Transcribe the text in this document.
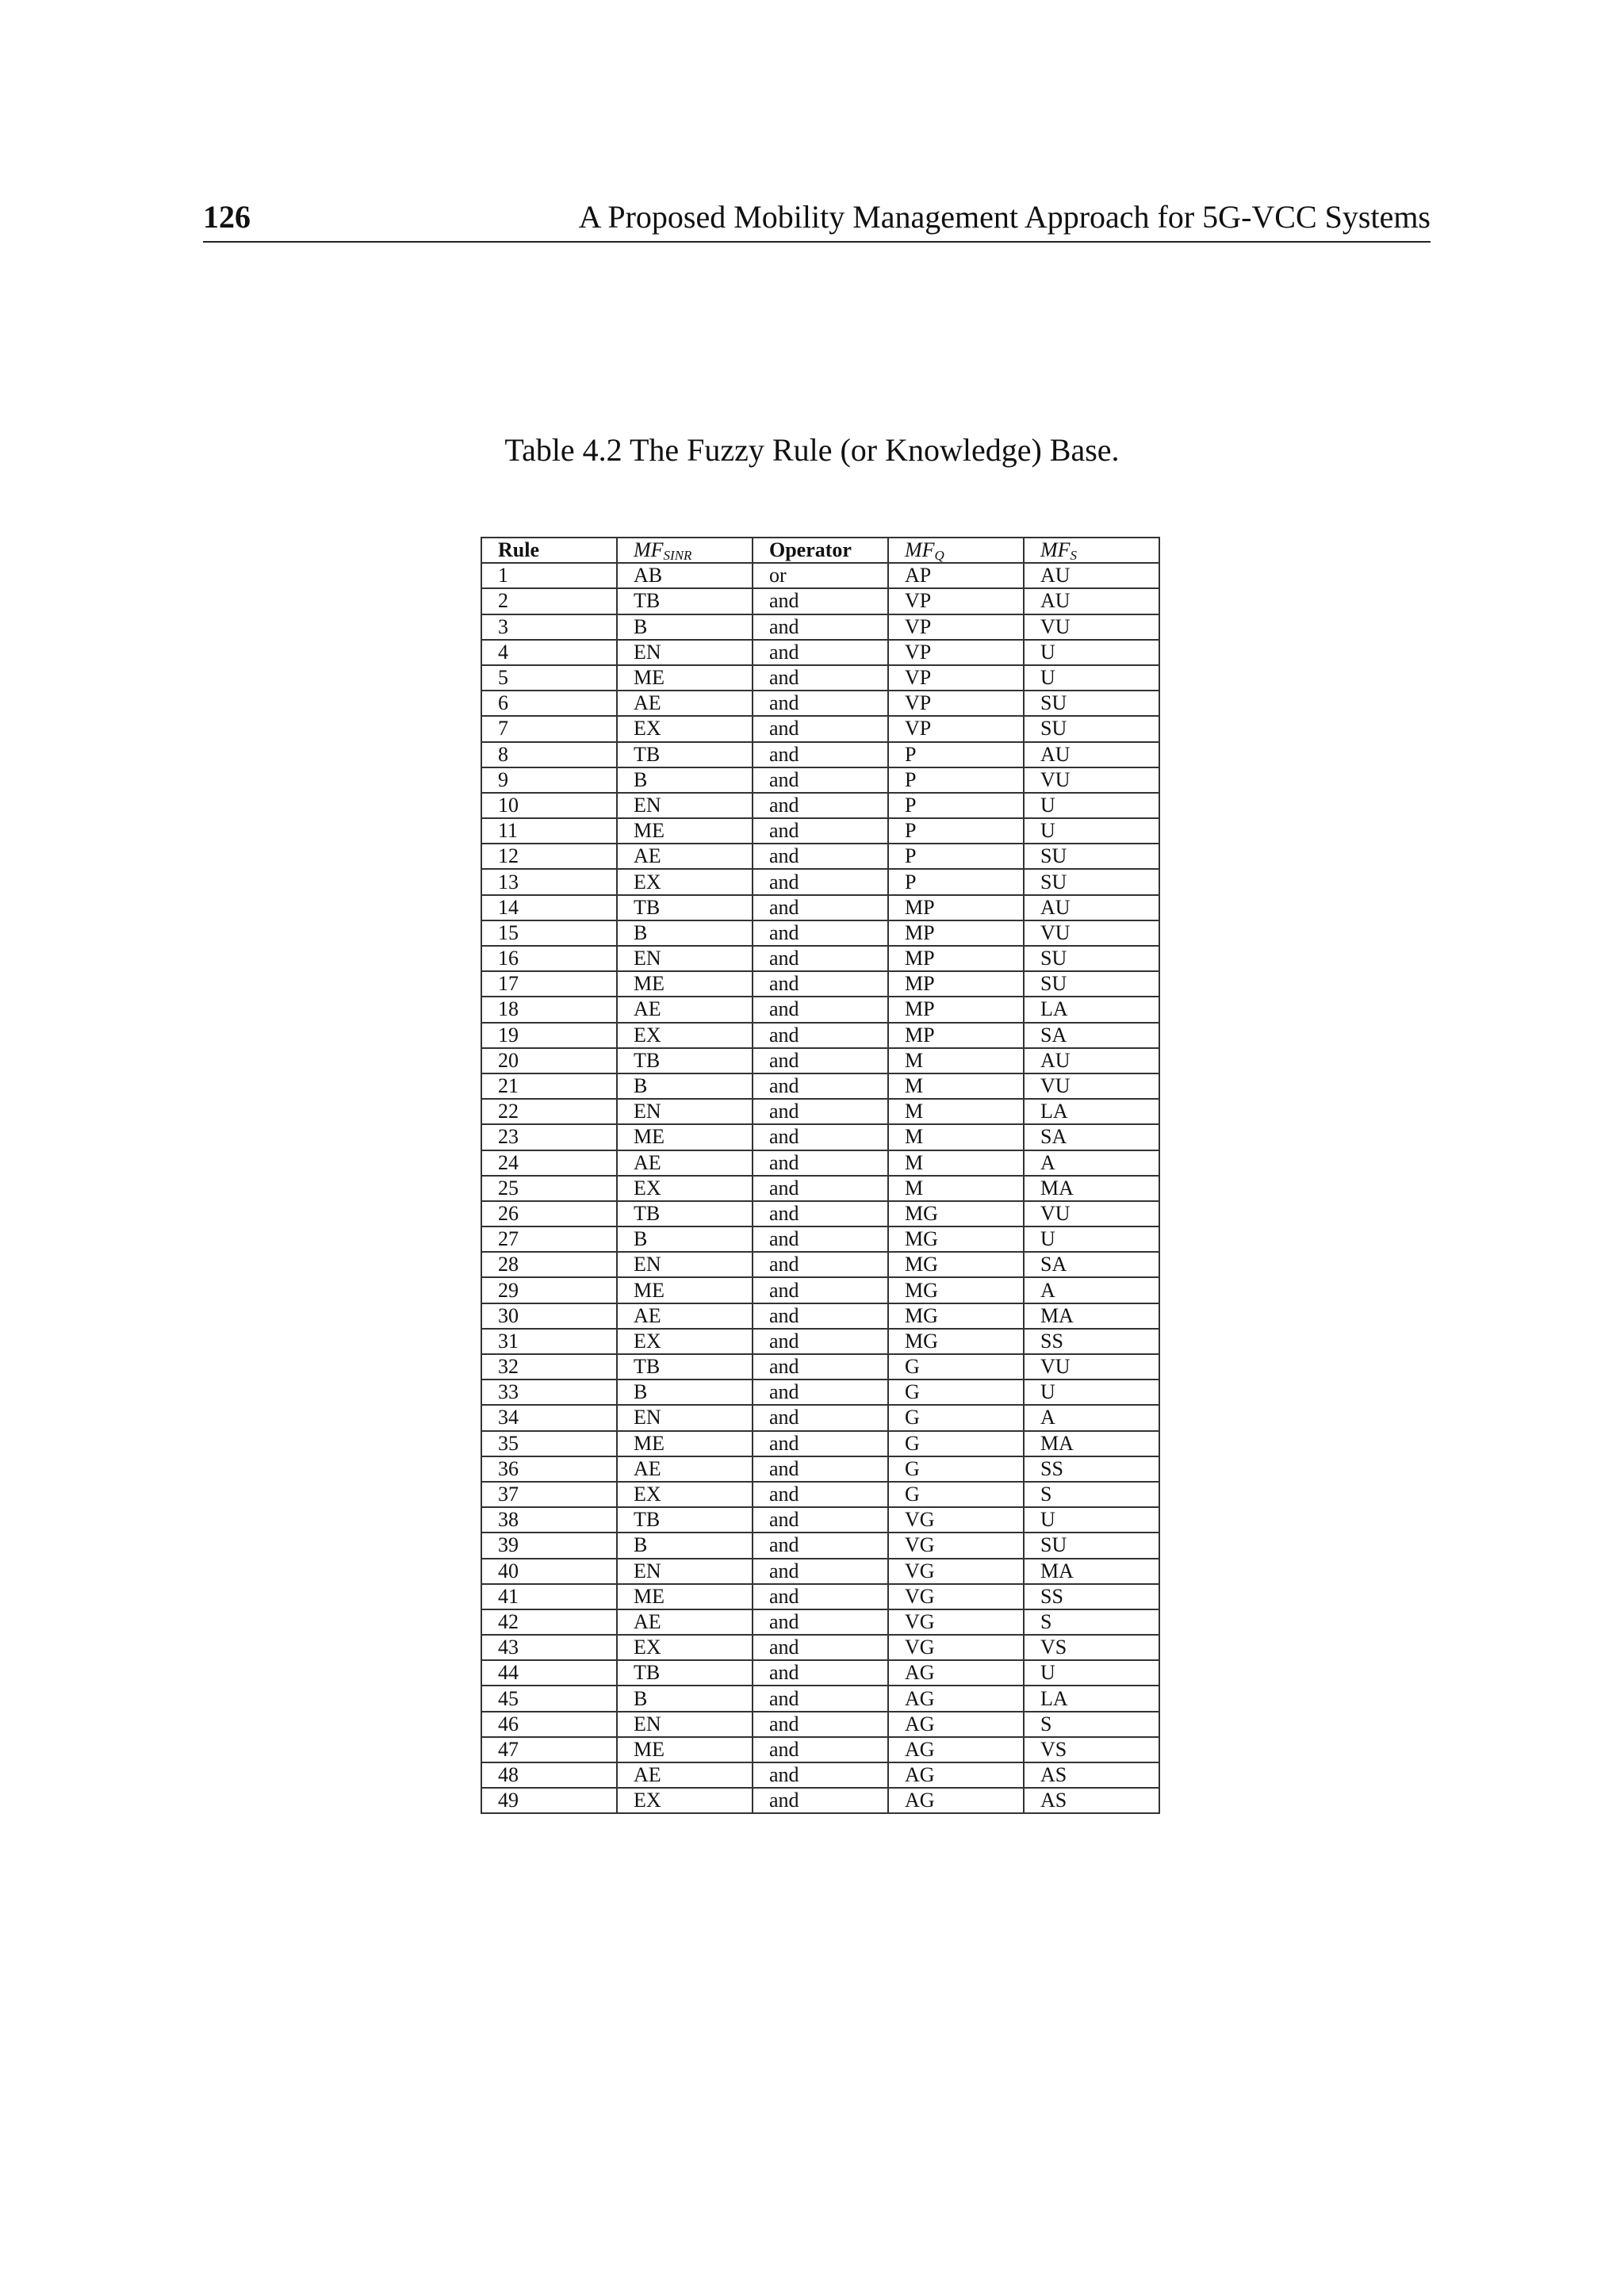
126	A Proposed Mobility Management Approach for 5G-VCC Systems
Table 4.2 The Fuzzy Rule (or Knowledge) Base.
Rule	$MF_{SINR}$	Operator	$MF_Q$	$MF_S$
1	AB	or	AP	AU
2	TB	and	VP	AU
3	B	and	VP	VU
4	EN	and	VP	U
5	ME	and	VP	U
6	AE	and	VP	SU
7	EX	and	VP	SU
8	TB	and	P	AU
9	B	and	P	VU
10	EN	and	P	U
11	ME	and	P	U
12	AE	and	P	SU
13	EX	and	P	SU
14	TB	and	MP	AU
15	B	and	MP	VU
16	EN	and	MP	SU
17	ME	and	MP	SU
18	AE	and	MP	LA
19	EX	and	MP	SA
20	TB	and	M	AU
21	B	and	M	VU
22	EN	and	M	LA
23	ME	and	M	SA
24	AE	and	M	A
25	EX	and	M	MA
26	TB	and	MG	VU
27	B	and	MG	U
28	EN	and	MG	SA
29	ME	and	MG	A
30	AE	and	MG	MA
31	EX	and	MG	SS
32	TB	and	G	VU
33	B	and	G	U
34	EN	and	G	A
35	ME	and	G	MA
36	AE	and	G	SS
37	EX	and	G	S
38	TB	and	VG	U
39	B	and	VG	SU
40	EN	and	VG	MA
41	ME	and	VG	SS
42	AE	and	VG	S
43	EX	and	VG	VS
44	TB	and	AG	U
45	B	and	AG	LA
46	EN	and	AG	S
47	ME	and	AG	VS
48	AE	and	AG	AS
49	EX	and	AG	AS
